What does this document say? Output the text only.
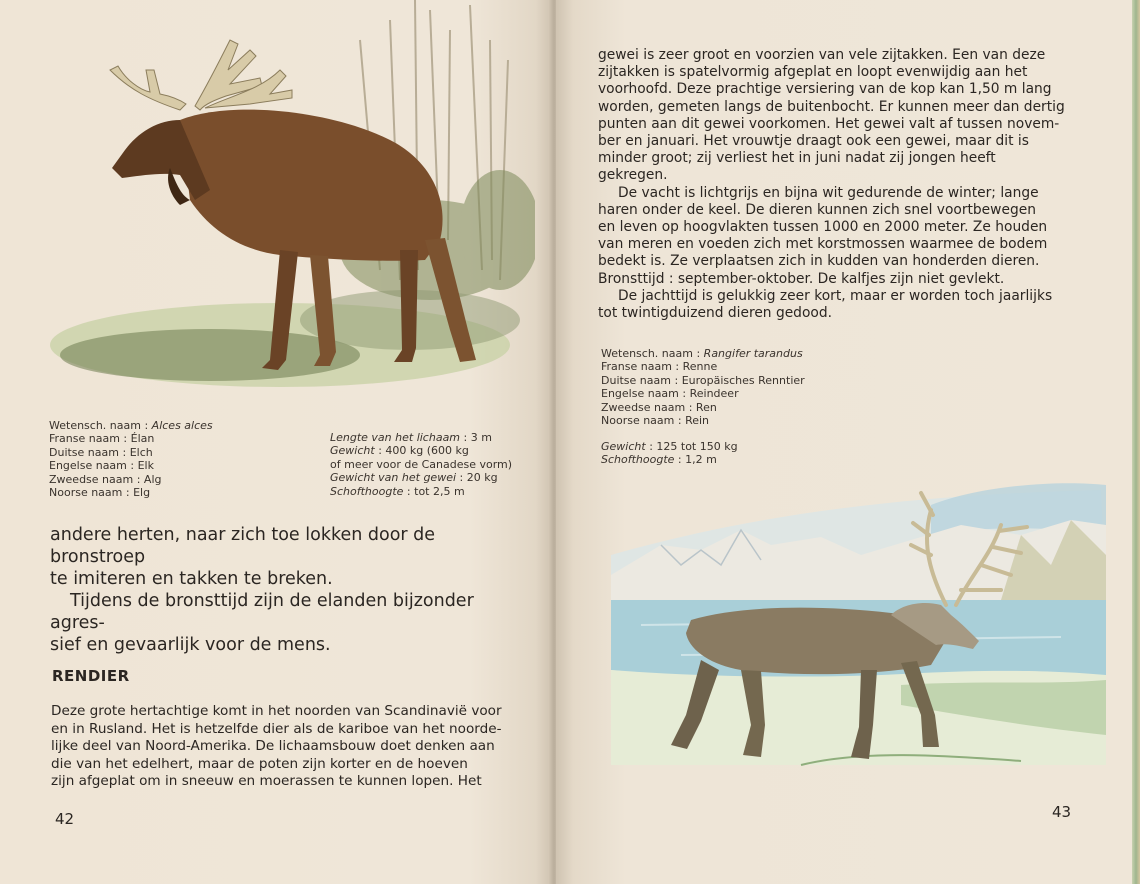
Wetensch. naam : Alces alces
Franse naam : Élan
Duitse naam : Elch
Engelse naam : Elk
Zweedse naam : Alg
Noorse naam : Elg
Lengte van het lichaam : 3 m
Gewicht : 400 kg (600 kg
of meer voor de Canadese vorm)
Gewicht van het gewei : 20 kg
Schofthoogte : tot 2,5 m

andere herten, naar zich toe lokken door de bronstroep

te imiteren en takken te breken.

Tijdens de bronsttijd zijn de elanden bijzonder agres-

sief en gevaarlijk voor de mens.

RENDIER

Deze grote hertachtige komt in het noorden van Scandinavië voor

en in Rusland. Het is hetzelfde dier als de kariboe van het noorde-

lijke deel van Noord-Amerika. De lichaamsbouw doet denken aan

die van het edelhert, maar de poten zijn korter en de hoeven

zijn afgeplat om in sneeuw en moerassen te kunnen lopen. Het

42

gewei is zeer groot en voorzien van vele zijtakken. Een van deze

zijtakken is spatelvormig afgeplat en loopt evenwijdig aan het

voorhoofd. Deze prachtige versiering van de kop kan 1,50 m lang

worden, gemeten langs de buitenbocht. Er kunnen meer dan dertig

punten aan dit gewei voorkomen. Het gewei valt af tussen novem-

ber en januari. Het vrouwtje draagt ook een gewei, maar dit is

minder groot; zij verliest het in juni nadat zij jongen heeft

gekregen.

De vacht is lichtgrijs en bijna wit gedurende de winter; lange

haren onder de keel. De dieren kunnen zich snel voortbewegen

en leven op hoogvlakten tussen 1000 en 2000 meter. Ze houden

van meren en voeden zich met korstmossen waarmee de bodem

bedekt is. Ze verplaatsen zich in kudden van honderden dieren.

Bronsttijd : september-oktober. De kalfjes zijn niet gevlekt.

De jachttijd is gelukkig zeer kort, maar er worden toch jaarlijks

tot twintigduizend dieren gedood.

Wetensch. naam : Rangifer tarandus
Franse naam : Renne
Duitse naam : Europäisches Renntier
Engelse naam : Reindeer
Zweedse naam : Ren
Noorse naam : Rein
Gewicht : 125 tot 150 kg
Schofthoogte : 1,2 m
43
